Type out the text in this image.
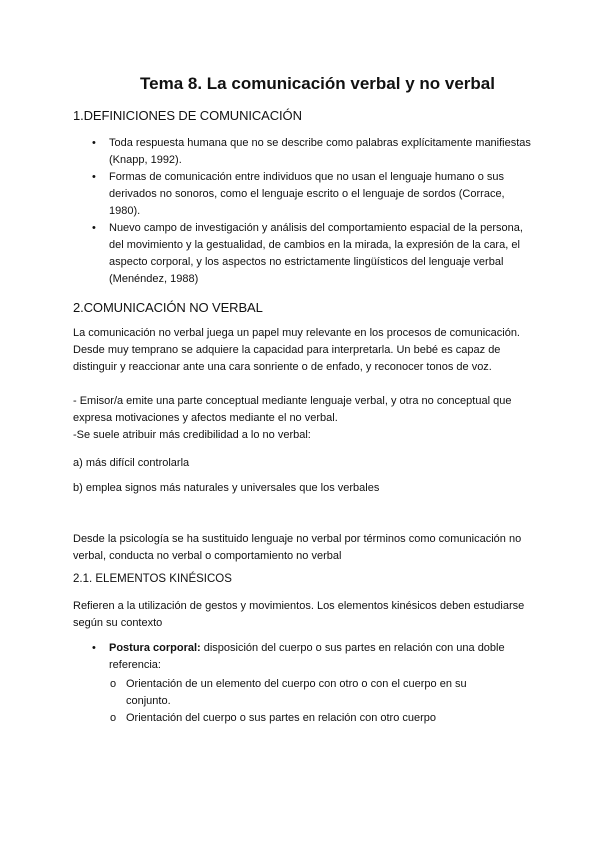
Tema 8. La comunicación verbal y no verbal
1.DEFINICIONES DE COMUNICACIÓN
• Toda respuesta humana que no se describe como palabras explícitamente manifiestas (Knapp, 1992).
• Formas de comunicación entre individuos que no usan el lenguaje humano o sus derivados no sonoros, como el lenguaje escrito o el lenguaje de sordos (Corrace, 1980).
• Nuevo campo de investigación y análisis del comportamiento espacial de la persona, del movimiento y la gestualidad, de cambios en la mirada, la expresión de la cara, el aspecto corporal, y los aspectos no estrictamente lingüísticos del lenguaje verbal (Menéndez, 1988)
2.COMUNICACIÓN NO VERBAL
La comunicación no verbal juega un papel muy relevante en los procesos de comunicación. Desde muy temprano se adquiere la capacidad para interpretarla. Un bebé es capaz de distinguir y reaccionar ante una cara sonriente o de enfado, y reconocer tonos de voz.
- Emisor/a emite una parte conceptual mediante lenguaje verbal, y otra no conceptual que expresa motivaciones y afectos mediante el no verbal.
-Se suele atribuir más credibilidad a lo no verbal:
a) más difícil controlarla
b) emplea signos más naturales y universales que los verbales
Desde la psicología se ha sustituido lenguaje no verbal por términos como comunicación no verbal, conducta no verbal o comportamiento no verbal
2.1. ELEMENTOS KINÉSICOS
Refieren a la utilización de gestos y movimientos. Los elementos kinésicos deben estudiarse según su contexto
• Postura corporal: disposición del cuerpo o sus partes en relación con una doble referencia:
o Orientación de un elemento del cuerpo con otro o con el cuerpo en su conjunto.
o Orientación del cuerpo o sus partes en relación con otro cuerpo
